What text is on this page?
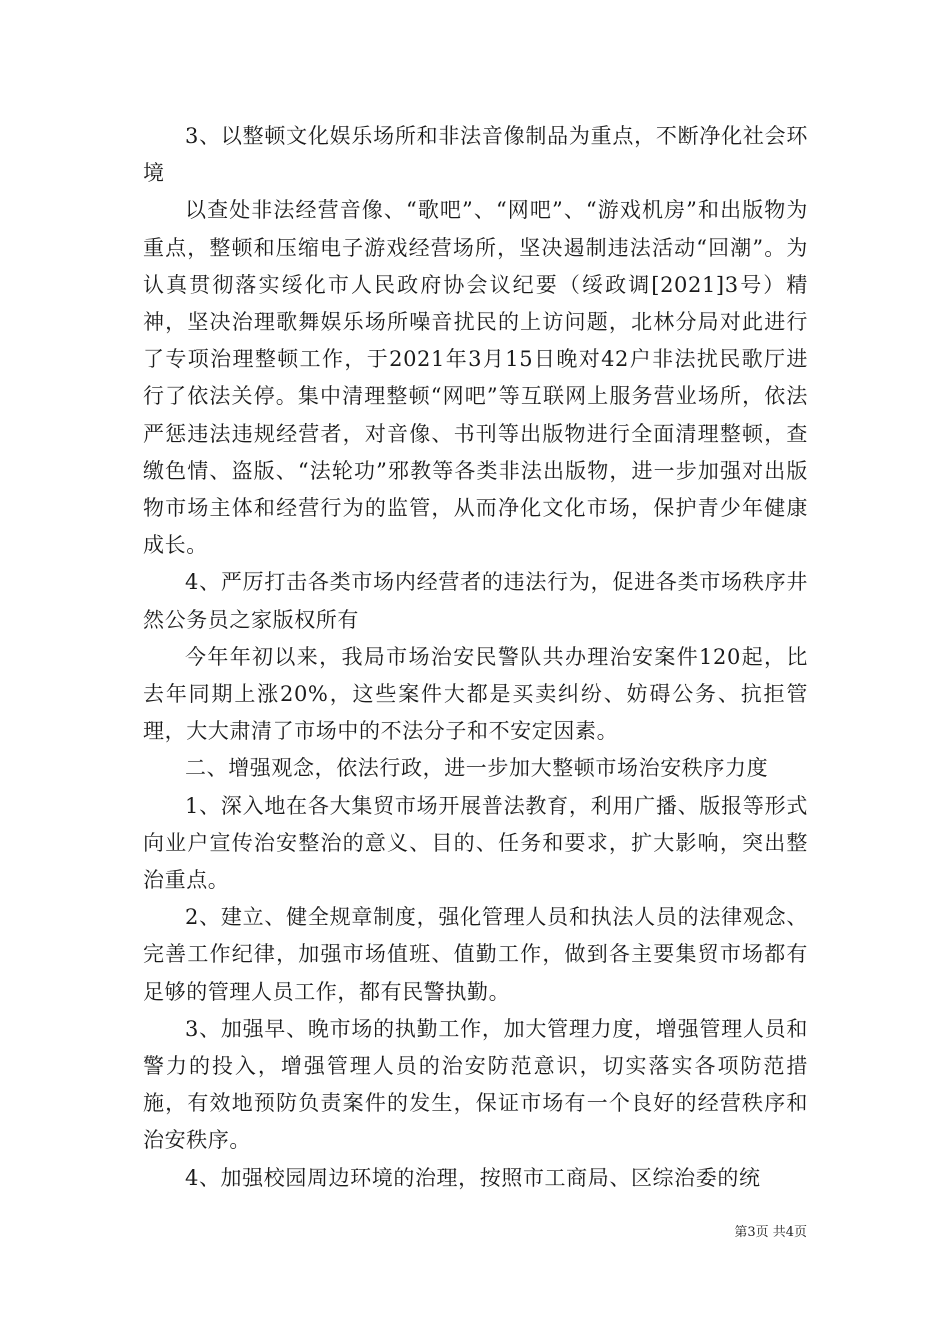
3、以整顿文化娱乐场所和非法音像制品为重点，不断净化社会环境

以查处非法经营音像、“歌吧”、“网吧”、“游戏机房”和出版物为重点，整顿和压缩电子游戏经营场所，坚决遏制违法活动“回潮”。为认真贯彻落实绥化市人民政府协会议纪要（绥政调[2021]3号）精神，坚决治理歌舞娱乐场所噪音扰民的上访问题，北林分局对此进行了专项治理整顿工作，于2021年3月15日晚对42户非法扰民歌厅进行了依法关停。集中清理整顿“网吧”等互联网上服务营业场所，依法严惩违法违规经营者，对音像、书刊等出版物进行全面清理整顿，查缴色情、盗版、“法轮功”邪教等各类非法出版物，进一步加强对出版物市场主体和经营行为的监管，从而净化文化市场，保护青少年健康成长。

4、严厉打击各类市场内经营者的违法行为，促进各类市场秩序井然公务员之家版权所有

今年年初以来，我局市场治安民警队共办理治安案件120起，比去年同期上涨20%，这些案件大都是买卖纠纷、妨碍公务、抗拒管理，大大肃清了市场中的不法分子和不安定因素。

二、增强观念，依法行政，进一步加大整顿市场治安秩序力度

1、深入地在各大集贸市场开展普法教育，利用广播、版报等形式向业户宣传治安整治的意义、目的、任务和要求，扩大影响，突出整治重点。

2、建立、健全规章制度，强化管理人员和执法人员的法律观念、完善工作纪律，加强市场值班、值勤工作，做到各主要集贸市场都有足够的管理人员工作，都有民警执勤。

3、加强早、晚市场的执勤工作，加大管理力度，增强管理人员和警力的投入，增强管理人员的治安防范意识，切实落实各项防范措施，有效地预防负责案件的发生，保证市场有一个良好的经营秩序和治安秩序。

4、加强校园周边环境的治理，按照市工商局、区综治委的统

第3页 共4页
